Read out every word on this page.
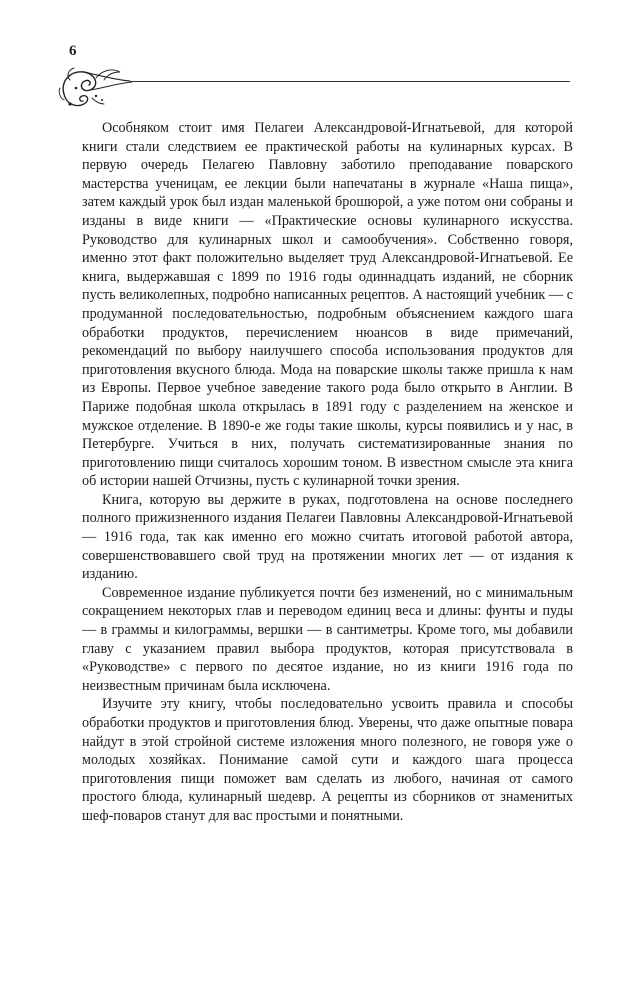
6

Особняком стоит имя Пелагеи Александровой-Игнатьевой, для которой книги стали следствием ее практической работы на кулинарных курсах. В первую очередь Пелагею Павловну заботило преподавание поварского мастерства ученицам, ее лекции были напечатаны в журнале «Наша пища», затем каждый урок был издан маленькой брошюрой, а уже потом они собраны и изданы в виде книги — «Практические основы кулинарного искусства. Руководство для кулинарных школ и самообучения». Собственно говоря, именно этот факт положительно выделяет труд Александровой-Игнатьевой. Ее книга, выдержавшая с 1899 по 1916 годы одиннадцать изданий, не сборник пусть великолепных, подробно написанных рецептов. А настоящий учебник — с продуманной последовательностью, подробным объяснением каждого шага обработки продуктов, перечислением нюансов в виде примечаний, рекомендаций по выбору наилучшего способа использования продуктов для приготовления вкусного блюда. Мода на поварские школы также пришла к нам из Европы. Первое учебное заведение такого рода было открыто в Англии. В Париже подобная школа открылась в 1891 году с разделением на женское и мужское отделение. В 1890-е же годы такие школы, курсы появились и у нас, в Петербурге. Учиться в них, получать систематизированные знания по приготовлению пищи считалось хорошим тоном. В известном смысле эта книга об истории нашей Отчизны, пусть с кулинарной точки зрения.

Книга, которую вы держите в руках, подготовлена на основе последнего полного прижизненного издания Пелагеи Павловны Александровой-Игнатьевой — 1916 года, так как именно его можно считать итоговой работой автора, совершенствовавшего свой труд на протяжении многих лет — от издания к изданию.

Современное издание публикуется почти без изменений, но с минимальным сокращением некоторых глав и переводом единиц веса и длины: фунты и пуды — в граммы и килограммы, вершки — в сантиметры. Кроме того, мы добавили главу с указанием правил выбора продуктов, которая присутствовала в «Руководстве» с первого по десятое издание, но из книги 1916 года по неизвестным причинам была исключена.

Изучите эту книгу, чтобы последовательно усвоить правила и способы обработки продуктов и приготовления блюд. Уверены, что даже опытные повара найдут в этой стройной системе изложения много полезного, не говоря уже о молодых хозяйках. Понимание самой сути и каждого шага процесса приготовления пищи поможет вам сделать из любого, начиная от самого простого блюда, кулинарный шедевр. А рецепты из сборников от знаменитых шеф-поваров станут для вас простыми и понятными.
